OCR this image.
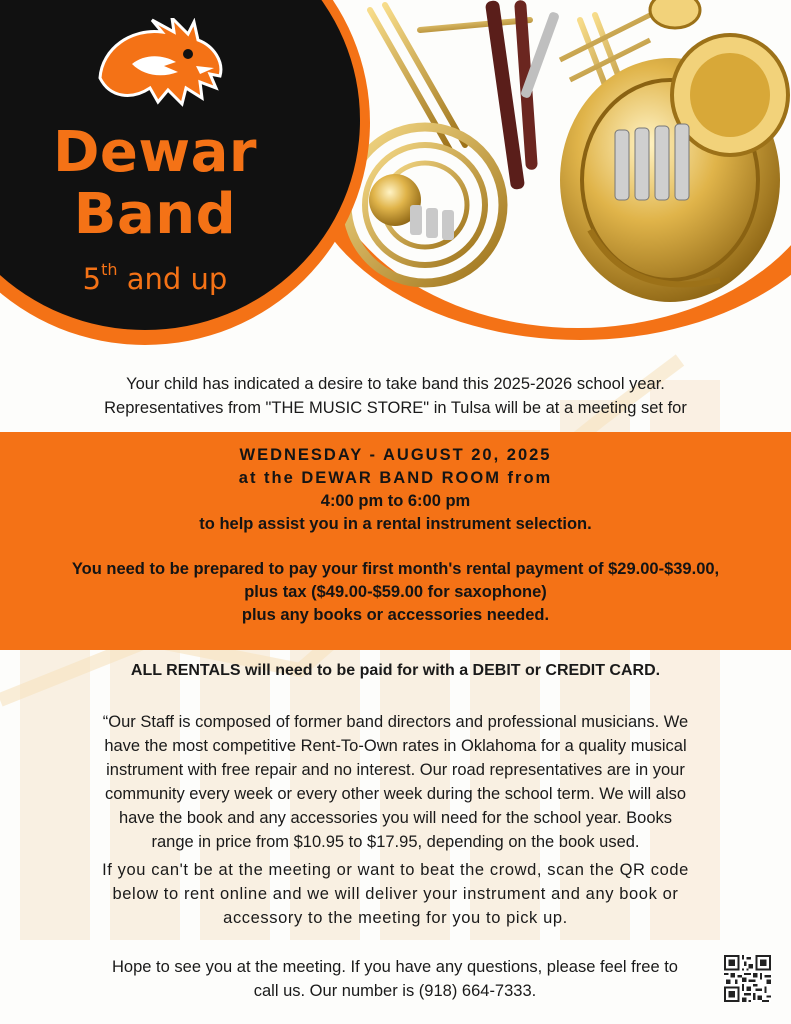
Dewar
Band
5th and up
Your child has indicated a desire to take band this 2025-2026 school year.
Representatives from "THE MUSIC STORE" in Tulsa will be at a meeting set for
WEDNESDAY - AUGUST 20, 2025
at the DEWAR BAND ROOM from
4:00 pm to 6:00 pm
to help assist you in a rental instrument selection.
You need to be prepared to pay your first month's rental payment of $29.00-$39.00,
plus tax ($49.00-$59.00 for saxophone)
plus any books or accessories needed.
ALL RENTALS will need to be paid for with a DEBIT or CREDIT CARD.
“Our Staff is composed of former band directors and professional musicians. We
have the most competitive Rent-To-Own rates in Oklahoma for a quality musical
instrument with free repair and no interest. Our road representatives are in your
community every week or every other week during the school term. We will also
have the book and any accessories you will need for the school year. Books
range in price from $10.95 to $17.95, depending on the book used.
If you can't be at the meeting or want to beat the crowd, scan the QR code
below to rent online and we will deliver your instrument and any book or
accessory to the meeting for you to pick up.
Hope to see you at the meeting. If you have any questions, please feel free to
call us. Our number is (918) 664-7333.
